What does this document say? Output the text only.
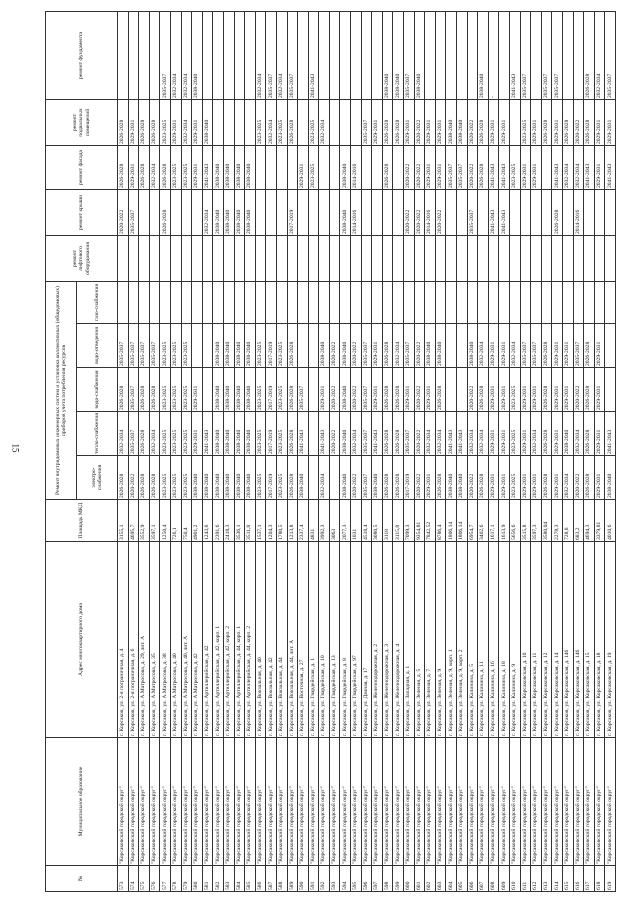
15
№	Муниципальное образование	Адрес многоквартирного дома	Площадь МКД	Ремонт внутридомовых инженерных систем и установка коллективных (общедомовых) приборов учета потребления ресурсов					ремонт лифтового оборудования	ремонт крыши	ремонт фасада	ремонт подвальных помещений	ремонт фундамента
				электро-снабжения	тепло-снабжения	водо-снабжения	водо-отведения	газо-снабжения					
573	"Корсаковский городской округ"	г. Корсаков, ул. 2-я пограничная, д. 4	3155,1	2026-2028	2032-2034	2026-2028	2035-2037			2020-2022	2026-2028	2026-2028	
574	"Корсаковский городской округ"	г. Корсаков, ул. 2-я пограничная, д. 6	4695,7	2020-2022	2035-2037	2035-2037	2035-2037			2035-2037	2029-2031	2029-2031	
575	"Корсаковский городской округ"	г. Корсаков, ул. А.Матросова, д. 29, лит. А	3552,9	2026-2028	2026-2028	2026-2028	2035-2037				2026-2028	2026-2028	
576	"Корсаковский городской округ"	г. Корсаков, ул. А.Матросова, д. 35	3597,1	2026-2028	2032-2034	2026-2028	2035-2037				2032-2034	2026-2028	
577	"Корсаковский городской округ"	г. Корсаков, ул. А.Матросова, д. 38	1250,4	2023-2025	2023-2025	2023-2025	2023-2025			2026-2028	2026-2028	2023-2025	2035-2037
578	"Корсаковский городской округ"	г. Корсаков, ул. А.Матросова, д. 40	726,1	2023-2025	2023-2025	2023-2025	2023-2025				2023-2025	2029-2031	2032-2034
579	"Корсаковский городской округ"	г. Корсаков, ул. А.Матросова, д. 40, лит. А	750,4	2023-2025	2023-2025	2023-2025	2023-2025				2023-2025	2032-2034	2032-2034
580	"Корсаковский городской округ"	г. Корсаков, ул. А.Матросова, д. 42	4901,2	2038-2040	2029-2031	2029-2031					2029-2031	2029-2031	2038-2040
581	"Корсаковский городской округ"	г. Корсаков, ул. Артиллерийская, д. 42	1243,6	2038-2040	2041-2043					2032-2034	2041-2043	2038-2040	
582	"Корсаковский городской округ"	г. Корсаков, ул. Артиллерийская, д. 42, корп. 1	2391,6	2038-2040	2038-2040	2038-2040	2038-2040			2038-2040	2038-2040		
583	"Корсаковский городской округ"	г. Корсаков, ул. Артиллерийская, д. 42, корп. 2	2418,3	2038-2040	2038-2040	2038-2040	2038-2040			2038-2040	2038-2040		
584	"Корсаковский городской округ"	г. Корсаков, ул. Артиллерийская, д. 44, корп. 1	3536,1	2038-2040	2038-2040	2038-2040	2038-2040			2038-2040	2038-2040		
585	"Корсаковский городской округ"	г. Корсаков, ул. Артиллерийская, д. 44, корп. 2	3511,8	2038-2040	2038-2040	2038-2040	2038-2040			2038-2040	2038-2040		
586	"Корсаковский городской округ"	г. Корсаков, ул. Вокзальная, д. 40	1537,1	2023-2025	2023-2025	2023-2025	2023-2025					2023-2025	2032-2034
587	"Корсаковский городской округ"	г. Корсаков, ул. Вокзальная, д. 42	1204,3	2017-2019	2017-2019	2017-2019	2017-2019					2032-2034	2035-2037
588	"Корсаковский городской округ"	г. Корсаков, ул. Вокзальная, д. 44	1780,5	2023-2025	2023-2025	2023-2025	2023-2025					2023-2025	2032-2034
589	"Корсаковский городской округ"	г. Корсаков, ул. Вокзальная, д. 44, лит. А	1213,8	2026-2028	2026-2028	2026-2028	2026-2028			2017-2019		2026-2028	2035-2037
590	"Корсаковский городской округ"	г. Корсаков, ул. Восточная, д. 27	2337,4	2038-2040	2041-2043	2035-2037					2029-2031		
591	"Корсаковский городской округ"	г. Корсаков, ул. Гвардейская, д. 1	4831								2023-2025	2023-2025	2041-2043
592	"Корсаковский городской округ"	г. Корсаков, ул. Гвардейская, д. 10	3992,3	2032-2034	2041-2043	2029-2031	2038-2040					2032-2034	
593	"Корсаковский городской округ"	г. Корсаков, ул. Гвардейская, д. 13	3063		2020-2022	2020-2022	2020-2022						
594	"Корсаковский городской округ"	г. Корсаков, ул. Гвардейская, д. 8	2077,3	2038-2040	2038-2040	2038-2040	2038-2040			2038-2040	2038-2040		
595	"Корсаковский городской округ"	г. Корсаков, ул. Гвардейская, д. 97	1031	2020-2022	2032-2034	2020-2022	2020-2022			2014-2016	2014-2016		
596	"Корсаковский городской округ"	г. Корсаков, ул. Дачная, д. 17	4518,4	2035-2037	2035-2037	2035-2037	2035-2037					2035-2037	
597	"Корсаковский городской округ"	г. Корсаков, ул. Железнодорожная, д. 2	3080,5	2038-2040	2041-2043	2029-2031	2029-2031					2029-2031	
598	"Корсаковский городской округ"	г. Корсаков, ул. Железнодорожная, д. 3	3118	2026-2028	2026-2028	2026-2028	2026-2028				2026-2028	2026-2028	2038-2040
599	"Корсаковский городской округ"	г. Корсаков, ул. Железнодорожная, д. 4	3115,8	2026-2028	2026-2028	2026-2028	2032-2034					2026-2028	2038-2040
600	"Корсаковский городской округ"	г. Корсаков, ул. Западная, д. 1	7099,3	2017-2019	2035-2037	2029-2031	2035-2037			2020-2022	2020-2022	2029-2031	2035-2037
601	"Корсаковский городской округ"	г. Корсаков, ул. Зеленая, д. 5	9354,81	2020-2022	2020-2022	2020-2022	2020-2022			2020-2022	2020-2022	2020-2022	2038-2040
602	"Корсаковский городской округ"	г. Корсаков, ул. Зеленая, д. 7	7842,52	2029-2031	2032-2034	2029-2031	2038-2040			2014-2016	2029-2031	2029-2031	
603	"Корсаковский городской округ"	г. Корсаков, ул. Зеленая, д. 9	8786,4	2026-2028	2032-2034	2026-2028	2038-2040			2020-2022	2029-2031	2029-2031	
604	"Корсаковский городской округ"	г. Корсаков, ул. Зеленая, д. 9, корп. 1	1806,14	2038-2040	2041-2043						2035-2037	2038-2040	
605	"Корсаковский городской округ"	г. Корсаков, ул. Зеленая, д. 9, корп. 2	1806,14	2038-2040	2041-2043						2035-2037	2038-2040	
606	"Корсаковский городской округ"	г. Корсаков, ул. Калинина, д. 5	6954,7	2020-2022	2032-2034	2020-2022	2038-2040			2035-2037	2020-2022	2020-2022	
607	"Корсаковский городской округ"	г. Корсаков, ул. Калинина, д. 11	3402,6	2026-2028	2032-2034	2026-2028	2032-2034				2026-2028	2026-2028	2038-2040
608	"Корсаковский городской округ"	г. Корсаков, ул. Калинина, д. 16	1617,1	2029-2031	2029-2031	2029-2031	2029-2031			2041-2043	2041-2043	2029-2031	-
609	"Корсаковский городской округ"	г. Корсаков, ул. Калинина, д. 18	1613,9	2029-2031	2029-2031	2029-2031	2029-2031			2041-2043	2041-2043	2029-2031	
610	"Корсаковский городской округ"	г. Корсаков, ул. Калинина, д. 9	5656,6	2023-2025	2023-2025	2023-2025	2032-2034				2023-2025		2041-2043
611	"Корсаковский городской округ"	г. Корсаков, ул. Корсаковская, д. 10	3515,8	2029-2031	2029-2031	2029-2031	2035-2037				2029-2031	2023-2025	2035-2037
612	"Корсаковский городской округ"	г. Корсаков, ул. Корсаковская, д. 11	3597,3	2029-2031	2032-2034	2029-2031	2035-2037				2029-2031	2029-2031	
613	"Корсаковский городской округ"	г. Корсаков, ул. Корсаковская, д. 12	3580,04	2026-2028	2026-2028	2026-2028	2026-2028					2026-2028	2035-2037
614	"Корсаковский городской округ"	г. Корсаков, ул. Корсаковская, д. 14	2278,3	2029-2031	2029-2031	2029-2031	2029-2031			2026-2028	2041-2043	2029-2031	2035-2037
615	"Корсаковский городской округ"	г. Корсаков, ул. Корсаковская, д. 146	728,8	2032-2034	2038-2040	2029-2031	2029-2031				2032-2034	2026-2028	
616	"Корсаковский городской округ"	г. Корсаков, ул. Корсаковская, д. 146	683,2	2020-2022	2032-2034	2020-2022	2035-2037			2014-2016	2032-2034	2020-2022	
617	"Корсаковский городской округ"	г. Корсаков, ул. Корсаковская, д. 15	4694,3	2026-2028	2026-2028	2026-2028	2026-2028				2041-2043	2026-2028	2026-2028
618	"Корсаковский городской округ"	г. Корсаков, ул. Корсаковская, д. 18	3379,81	2029-2031	2029-2031	2029-2031	2029-2031				2029-2031	2029-2031	2032-2034
619	"Корсаковский городской округ"	г. Корсаков, ул. Корсаковская, д. 19	4010,6	2038-2040	2041-2043						2041-2043	2029-2031	2035-2037
